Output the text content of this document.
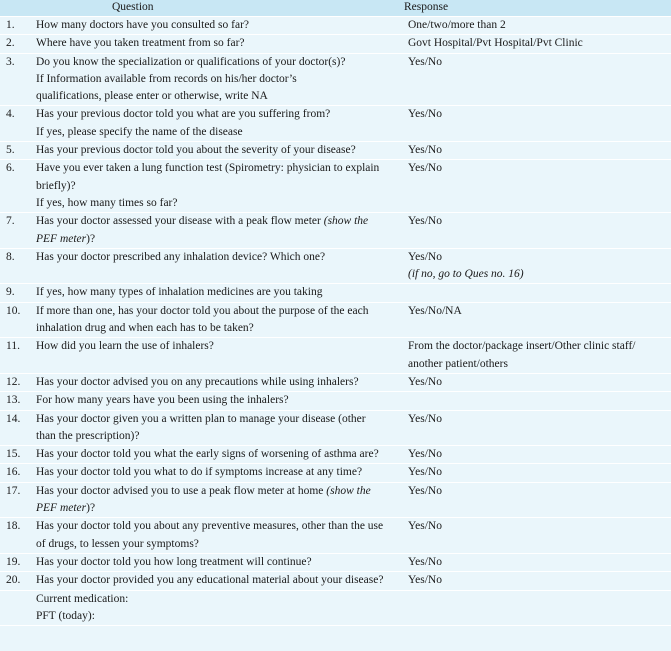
	Question	Response
1.	How many doctors have you consulted so far?	One/two/more than 2

2.	Where have you taken treatment from so far?	Govt Hospital/Pvt Hospital/Pvt Clinic

3.	Do you know the specialization or qualifications of your doctor(s)?
If Information available from records on his/her doctor’s
qualifications, please enter or otherwise, write NA	Yes/No

4.	Has your previous doctor told you what are you suffering from?
If yes, please specify the name of the disease	Yes/No

5.	Has your previous doctor told you about the severity of your disease?	Yes/No

6.	Have you ever taken a lung function test (Spirometry: physician to explain
briefly)?
If yes, how many times so far?	Yes/No

7.	Has your doctor assessed your disease with a peak flow meter (show the
PEF meter)?	Yes/No

8.	Has your doctor prescribed any inhalation device? Which one?	Yes/No
(if no, go to Ques no. 16)

9.	If yes, how many types of inhalation medicines are you taking	

10.	If more than one, has your doctor told you about the purpose of the each
inhalation drug and when each has to be taken?	Yes/No/NA

11.	How did you learn the use of inhalers?	From the doctor/package insert/Other clinic staff/
another patient/others

12.	Has your doctor advised you on any precautions while using inhalers?	Yes/No

13.	For how many years have you been using the inhalers?	

14.	Has your doctor given you a written plan to manage your disease (other
than the prescription)?	Yes/No

15.	Has your doctor told you what the early signs of worsening of asthma are?	Yes/No

16.	Has your doctor told you what to do if symptoms increase at any time?	Yes/No

17.	Has your doctor advised you to use a peak flow meter at home (show the
PEF meter)?	Yes/No

18.	Has your doctor told you about any preventive measures, other than the use
of drugs, to lessen your symptoms?	Yes/No

19.	Has your doctor told you how long treatment will continue?	Yes/No

20.	Has your doctor provided you any educational material about your disease?	Yes/No

	Current medication:
PFT (today):	
